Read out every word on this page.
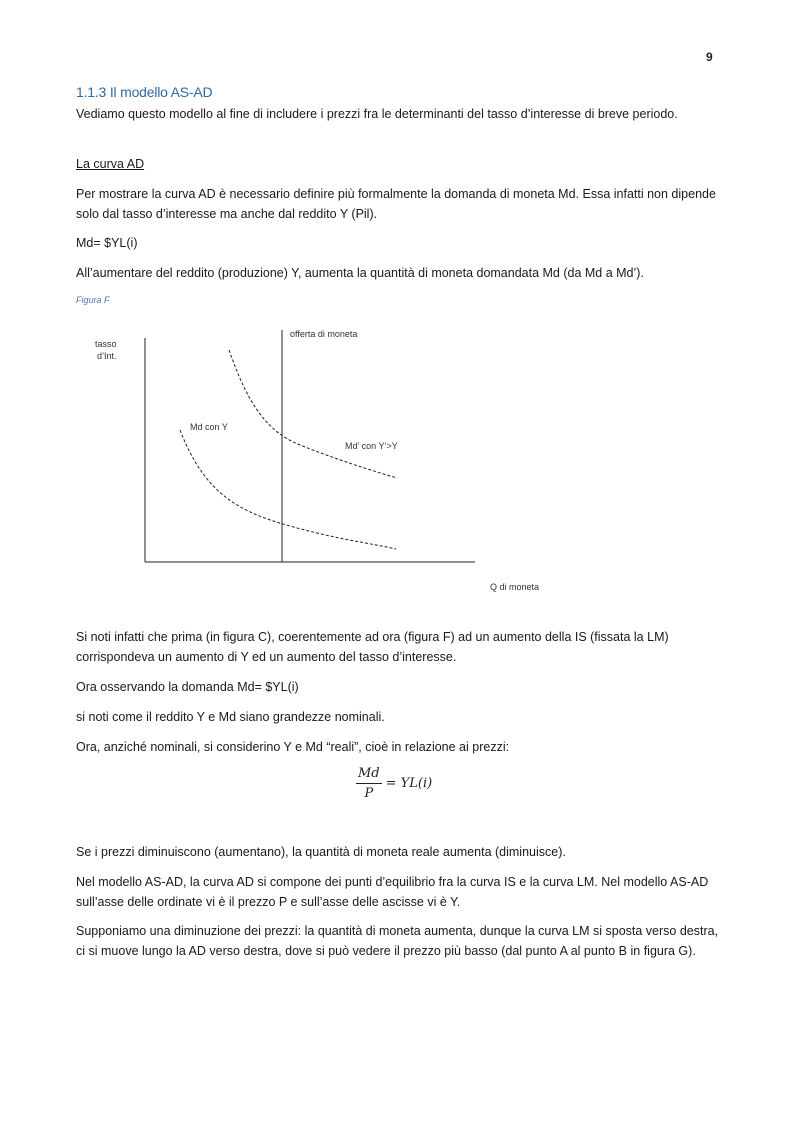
9
1.1.3 Il modello AS-AD

Vediamo questo modello al fine di includere i prezzi fra le determinanti del tasso d’interesse di breve periodo.

La curva AD

Per mostrare la curva AD è necessario definire più formalmente la domanda di moneta Md. Essa infatti non dipende solo dal tasso d’interesse ma anche dal reddito Y (Pil).

Md= $YL(i)

All’aumentare del reddito (produzione) Y, aumenta la quantità di moneta domandata Md (da Md a Md’).

Figura F
tasso
d’Int.
offerta di moneta
Md con Y
Md’ con Y’>Y
Q di moneta

Si noti infatti che prima (in figura C), coerentemente ad ora (figura F) ad un aumento della IS (fissata la LM) corrispondeva un aumento di Y ed un aumento del tasso d’interesse.

Ora osservando la domanda Md= $YL(i)

si noti come il reddito Y e Md siano grandezze nominali.

Ora, anziché nominali, si considerino Y e Md “reali”, cioè in relazione ai prezzi:

$\frac{Md}{P} = YL(i)$

Se i prezzi diminuiscono (aumentano), la quantità di moneta reale aumenta (diminuisce).

Nel modello AS-AD, la curva AD si compone dei punti d’equilibrio fra la curva IS e la curva LM. Nel modello AS-AD sull’asse delle ordinate vi è il prezzo P e sull’asse delle ascisse vi è Y.

Supponiamo una diminuzione dei prezzi: la quantità di moneta aumenta, dunque la curva LM si sposta verso destra, ci si muove lungo la AD verso destra, dove si può vedere il prezzo più basso (dal punto A al punto B in figura G).
